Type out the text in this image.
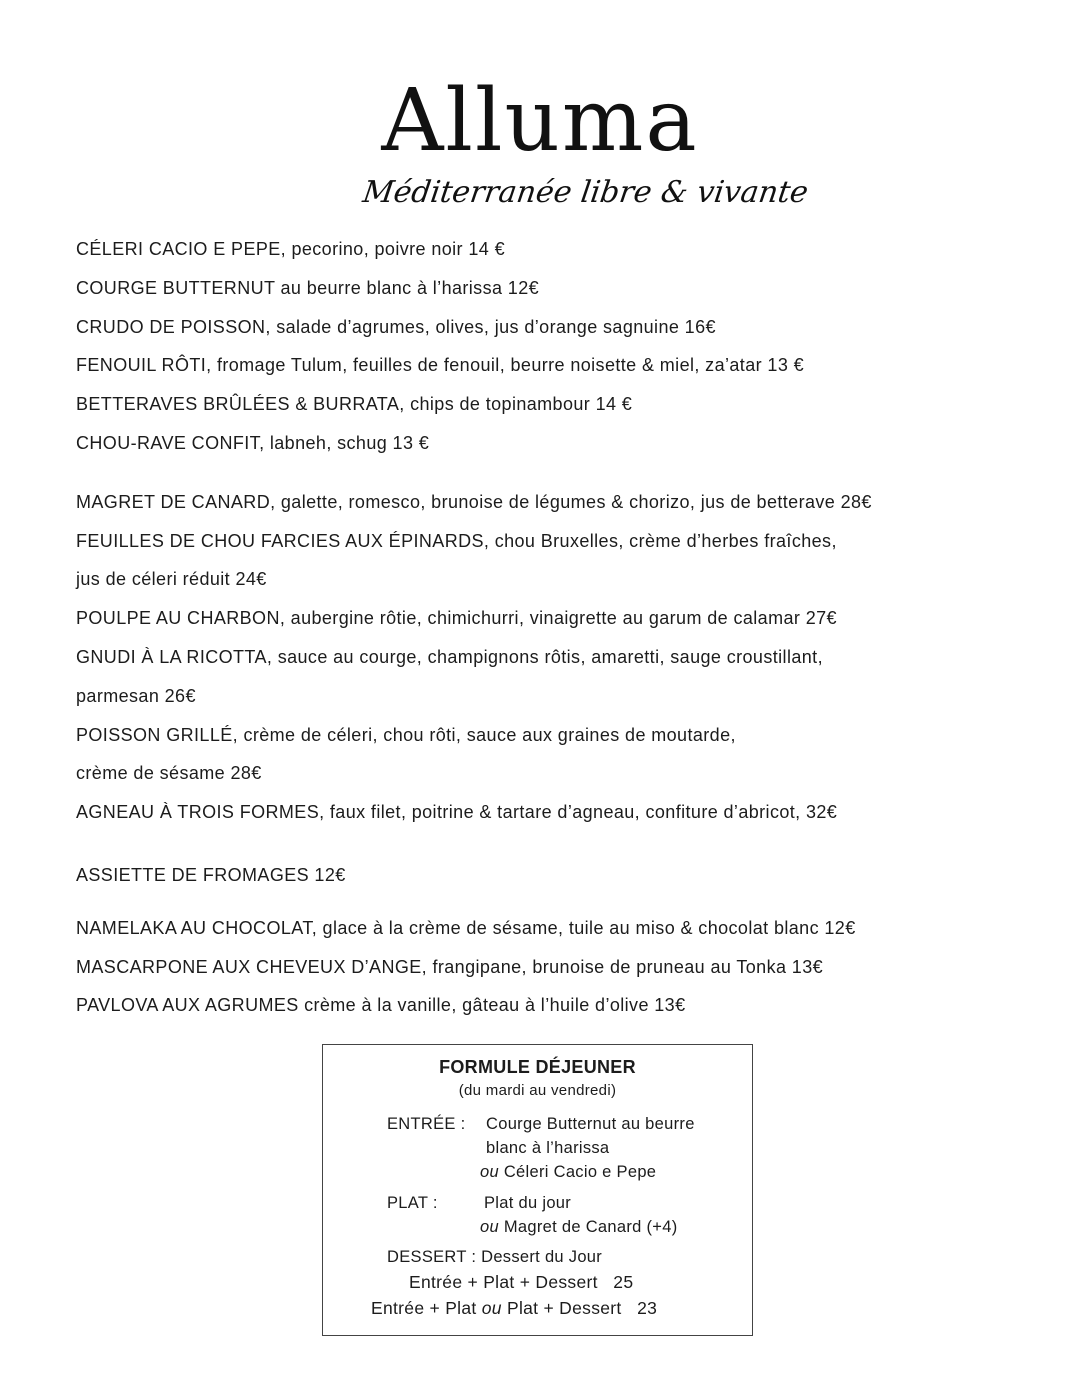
Alluma
Méditerranée libre & vivante
CÉLERI CACIO E PEPE, pecorino, poivre noir 14 €
COURGE BUTTERNUT au beurre blanc à l’harissa 12€
CRUDO DE POISSON, salade d’agrumes, olives, jus d’orange sagnuine 16€
FENOUIL RÔTI, fromage Tulum, feuilles de fenouil, beurre noisette & miel, za’atar 13 €
BETTERAVES BRÛLÉES & BURRATA, chips de topinambour 14 €
CHOU-RAVE CONFIT, labneh, schug 13 €
MAGRET DE CANARD, galette, romesco, brunoise de légumes & chorizo, jus de betterave 28€
FEUILLES DE CHOU FARCIES AUX ÉPINARDS, chou Bruxelles, crème d’herbes fraîches,
jus de céleri réduit 24€
POULPE AU CHARBON, aubergine rôtie, chimichurri, vinaigrette au garum de calamar 27€
GNUDI À LA RICOTTA, sauce au courge, champignons rôtis, amaretti, sauge croustillant,
parmesan 26€
POISSON GRILLÉ, crème de céleri, chou rôti, sauce aux graines de moutarde,
crème de sésame 28€
AGNEAU À TROIS FORMES, faux filet, poitrine & tartare d’agneau, confiture d’abricot, 32€
ASSIETTE DE FROMAGES 12€
NAMELAKA AU CHOCOLAT, glace à la crème de sésame, tuile au miso & chocolat blanc 12€
MASCARPONE AUX CHEVEUX D’ANGE, frangipane, brunoise de pruneau au Tonka 13€
PAVLOVA AUX AGRUMES crème à la vanille, gâteau à l’huile d’olive 13€
FORMULE DÉJEUNER
(du mardi au vendredi)
ENTRÉE : Courge Butternut au beurre
blanc à l’harissa
ou Céleri Cacio e Pepe
PLAT :	Plat du jour
ou Magret de Canard (+4)
DESSERT : Dessert du Jour
Entrée + Plat + Dessert 25
Entrée + Plat ou Plat + Dessert 23
